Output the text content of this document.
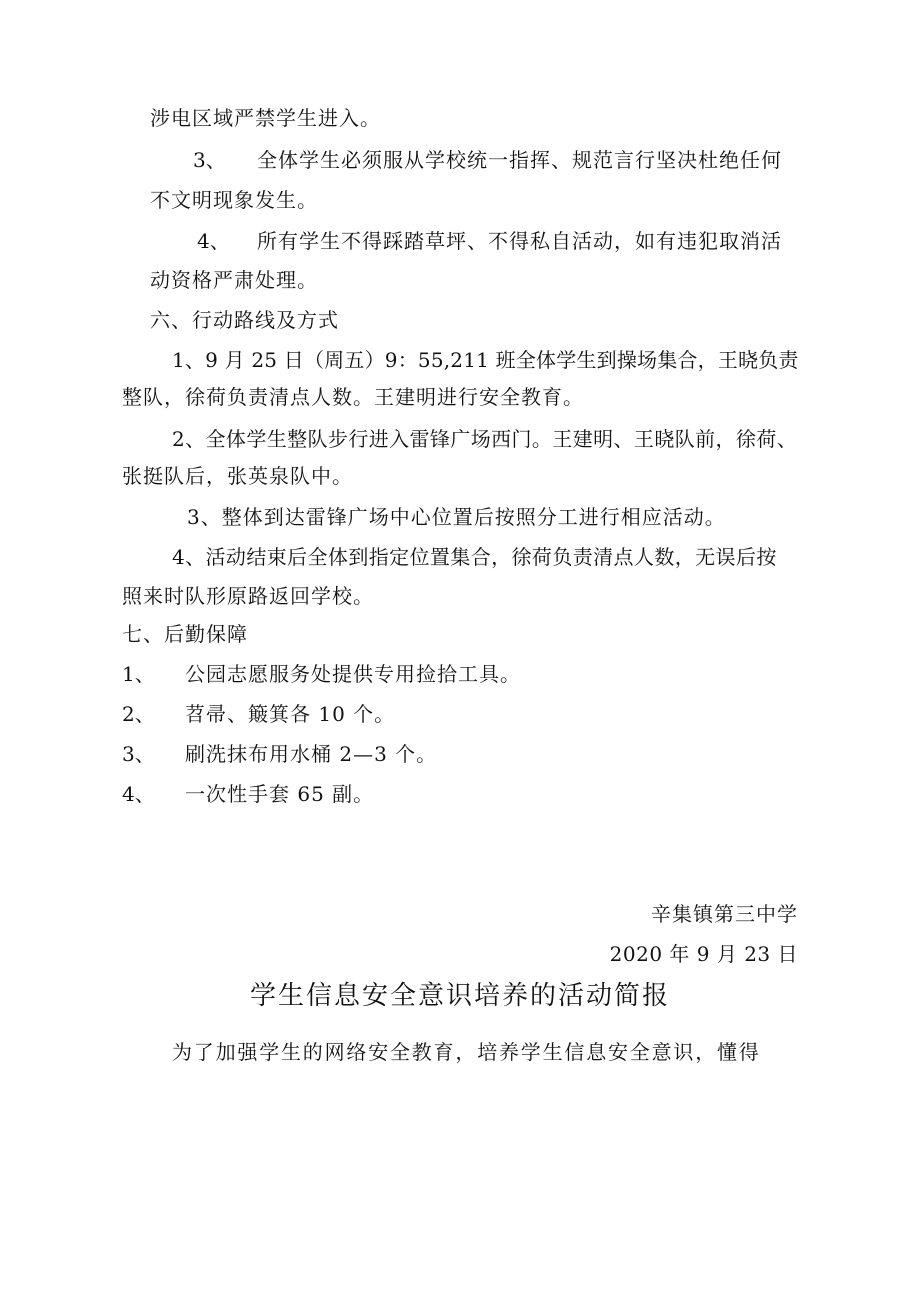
涉电区域严禁学生进入。
3、 全体学生必须服从学校统一指挥、规范言行坚决杜绝任何
不文明现象发生。
4、 所有学生不得踩踏草坪、不得私自活动，如有违犯取消活
动资格严肃处理。
六、行动路线及方式
1、9 月 25 日（周五）9：55,211 班全体学生到操场集合，王晓负责
整队，徐荷负责清点人数。王建明进行安全教育。
2、全体学生整队步行进入雷锋广场西门。王建明、王晓队前，徐荷、
张挺队后，张英泉队中。
3、整体到达雷锋广场中心位置后按照分工进行相应活动。
4、活动结束后全体到指定位置集合，徐荷负责清点人数，无误后按
照来时队形原路返回学校。
七、后勤保障
1、 公园志愿服务处提供专用捡拾工具。
2、 苕帚、簸箕各 10 个。
3、 刷洗抹布用水桶 2—3 个。
4、 一次性手套 65 副。
辛集镇第三中学
2020 年 9 月 23 日
学生信息安全意识培养的活动简报
为了加强学生的网络安全教育，培养学生信息安全意识，懂得
